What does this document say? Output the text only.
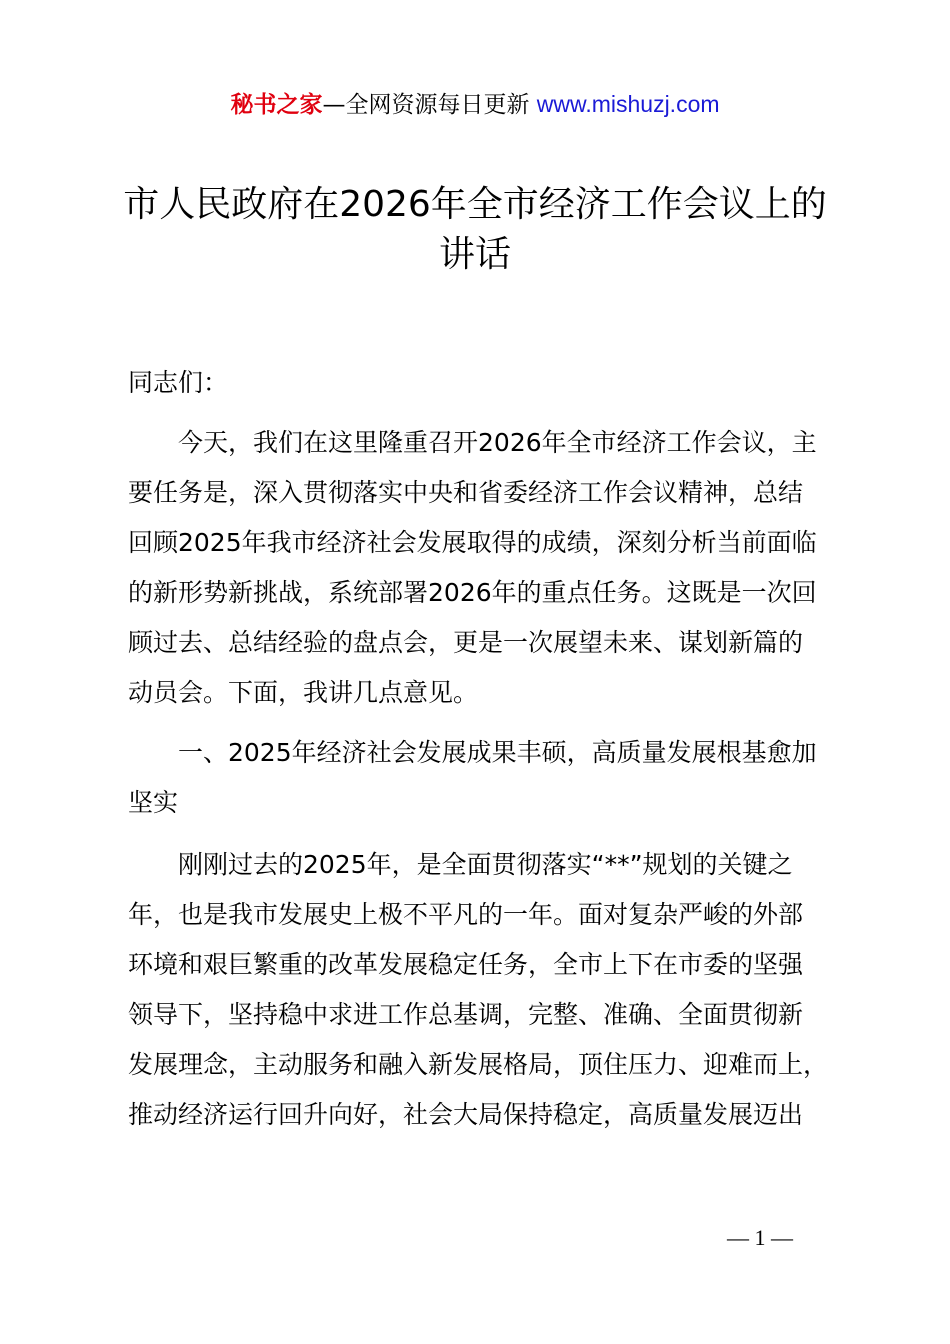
秘书之家—全网资源每日更新 www.mishuzj.com
市人民政府在2026年全市经济工作会议上的
讲话
同志们：
今天，我们在这里隆重召开2026年全市经济工作会议，主
要任务是，深入贯彻落实中央和省委经济工作会议精神，总结
回顾2025年我市经济社会发展取得的成绩，深刻分析当前面临
的新形势新挑战，系统部署2026年的重点任务。这既是一次回
顾过去、总结经验的盘点会，更是一次展望未来、谋划新篇的
动员会。下面，我讲几点意见。
一、2025年经济社会发展成果丰硕，高质量发展根基愈加
坚实
刚刚过去的2025年，是全面贯彻落实“**”规划的关键之
年，也是我市发展史上极不平凡的一年。面对复杂严峻的外部
环境和艰巨繁重的改革发展稳定任务，全市上下在市委的坚强
领导下，坚持稳中求进工作总基调，完整、准确、全面贯彻新
发展理念，主动服务和融入新发展格局，顶住压力、迎难而上，
推动经济运行回升向好，社会大局保持稳定，高质量发展迈出
— 1 —
